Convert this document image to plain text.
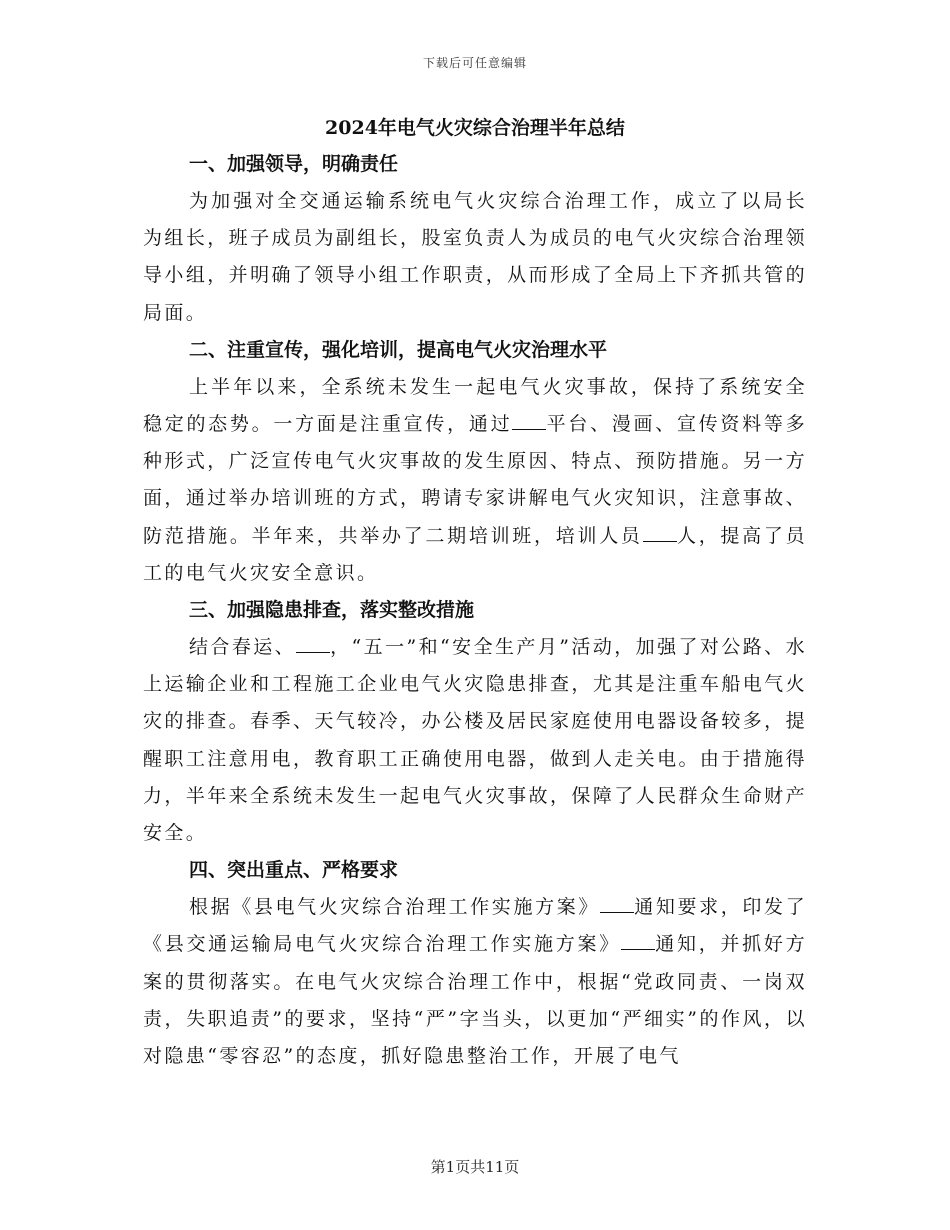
下载后可任意编辑
2024年电气火灾综合治理半年总结
一、加强领导，明确责任

为加强对全交通运输系统电气火灾综合治理工作，成立了以局长为组长，班子成员为副组长，股室负责人为成员的电气火灾综合治理领导小组，并明确了领导小组工作职责，从而形成了全局上下齐抓共管的局面。

二、注重宣传，强化培训，提高电气火灾治理水平

上半年以来，全系统未发生一起电气火灾事故，保持了系统安全稳定的态势。一方面是注重宣传，通过 平台、漫画、宣传资料等多种形式，广泛宣传电气火灾事故的发生原因、特点、预防措施。另一方面，通过举办培训班的方式，聘请专家讲解电气火灾知识，注意事故、防范措施。半年来，共举办了二期培训班，培训人员 人，提高了员工的电气火灾安全意识。

三、加强隐患排查，落实整改措施

结合春运、 ，“五一”和“安全生产月”活动，加强了对公路、水上运输企业和工程施工企业电气火灾隐患排查，尤其是注重车船电气火灾的排查。春季、天气较冷，办公楼及居民家庭使用电器设备较多，提醒职工注意用电，教育职工正确使用电器，做到人走关电。由于措施得力，半年来全系统未发生一起电气火灾事故，保障了人民群众生命财产安全。

四、突出重点、严格要求

根据《县电气火灾综合治理工作实施方案》 通知要求，印发了《县交通运输局电气火灾综合治理工作实施方案》 通知，并抓好方案的贯彻落实。在电气火灾综合治理工作中，根据“党政同责、一岗双责，失职追责”的要求，坚持“严”字当头，以更加“严细实”的作风，以对隐患“零容忍”的态度，抓好隐患整治工作，开展了电气

第1页共11页
